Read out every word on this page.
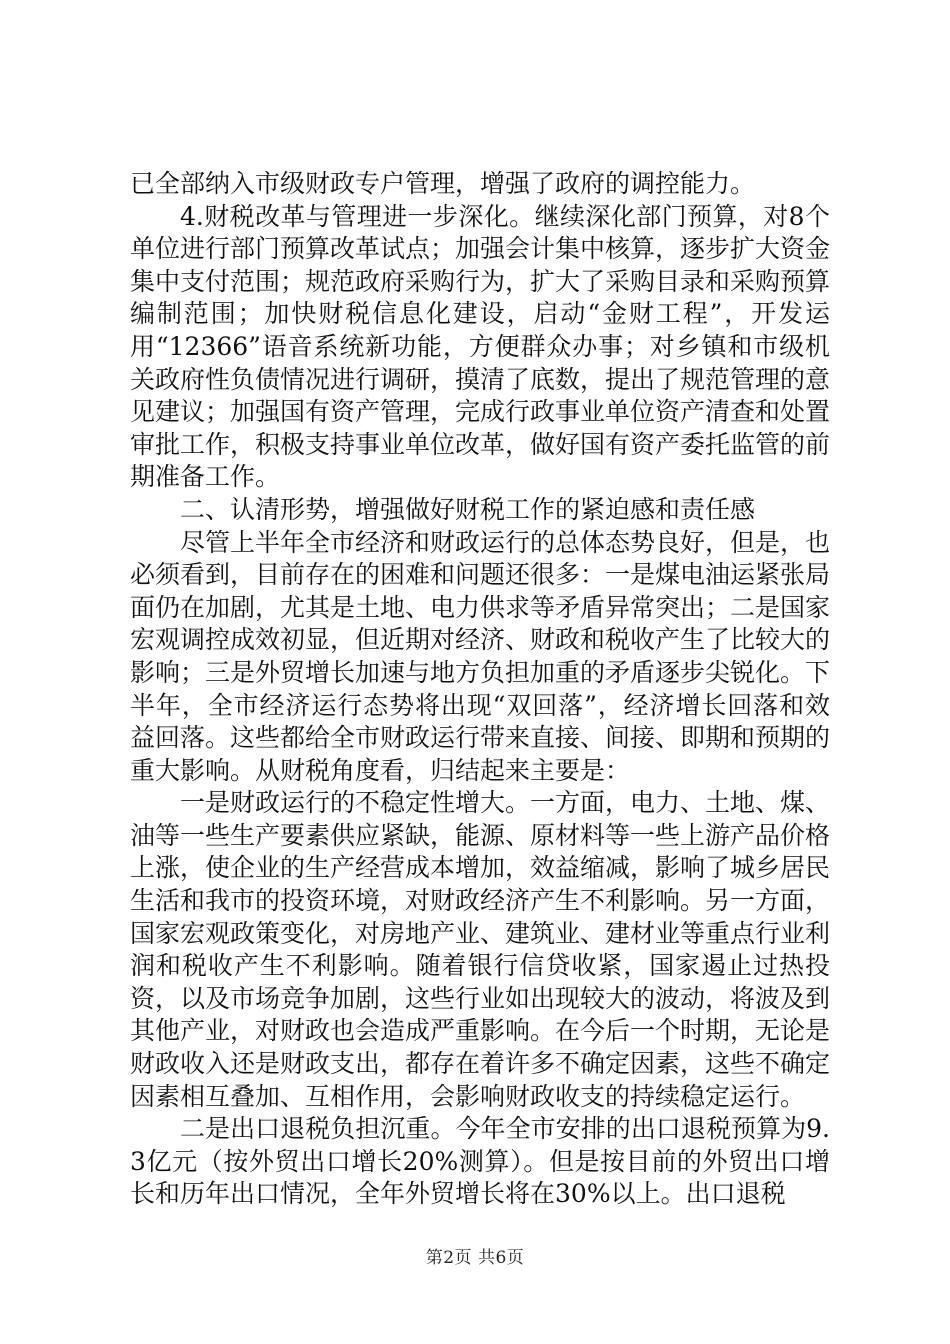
已全部纳入市级财政专户管理，增强了政府的调控能力。

4.财税改革与管理进一步深化。继续深化部门预算，对8个单位进行部门预算改革试点；加强会计集中核算，逐步扩大资金集中支付范围；规范政府采购行为，扩大了采购目录和采购预算编制范围；加快财税信息化建设，启动“金财工程”，开发运用“12366”语音系统新功能，方便群众办事；对乡镇和市级机关政府性负债情况进行调研，摸清了底数，提出了规范管理的意见建议；加强国有资产管理，完成行政事业单位资产清查和处置审批工作，积极支持事业单位改革，做好国有资产委托监管的前期准备工作。

二、认清形势，增强做好财税工作的紧迫感和责任感

尽管上半年全市经济和财政运行的总体态势良好，但是，也必须看到，目前存在的困难和问题还很多：一是煤电油运紧张局面仍在加剧，尤其是土地、电力供求等矛盾异常突出；二是国家宏观调控成效初显，但近期对经济、财政和税收产生了比较大的影响；三是外贸增长加速与地方负担加重的矛盾逐步尖锐化。下半年，全市经济运行态势将出现“双回落”，经济增长回落和效益回落。这些都给全市财政运行带来直接、间接、即期和预期的重大影响。从财税角度看，归结起来主要是：

一是财政运行的不稳定性增大。一方面，电力、土地、煤、油等一些生产要素供应紧缺，能源、原材料等一些上游产品价格上涨，使企业的生产经营成本增加，效益缩减，影响了城乡居民生活和我市的投资环境，对财政经济产生不利影响。另一方面，国家宏观政策变化，对房地产业、建筑业、建材业等重点行业利润和税收产生不利影响。随着银行信贷收紧，国家遏止过热投资，以及市场竞争加剧，这些行业如出现较大的波动，将波及到其他产业，对财政也会造成严重影响。在今后一个时期，无论是财政收入还是财政支出，都存在着许多不确定因素，这些不确定因素相互叠加、互相作用，会影响财政收支的持续稳定运行。

二是出口退税负担沉重。今年全市安排的出口退税预算为9.3亿元（按外贸出口增长20%测算）。但是按目前的外贸出口增长和历年出口情况，全年外贸增长将在30%以上。出口退税

第2页 共6页
